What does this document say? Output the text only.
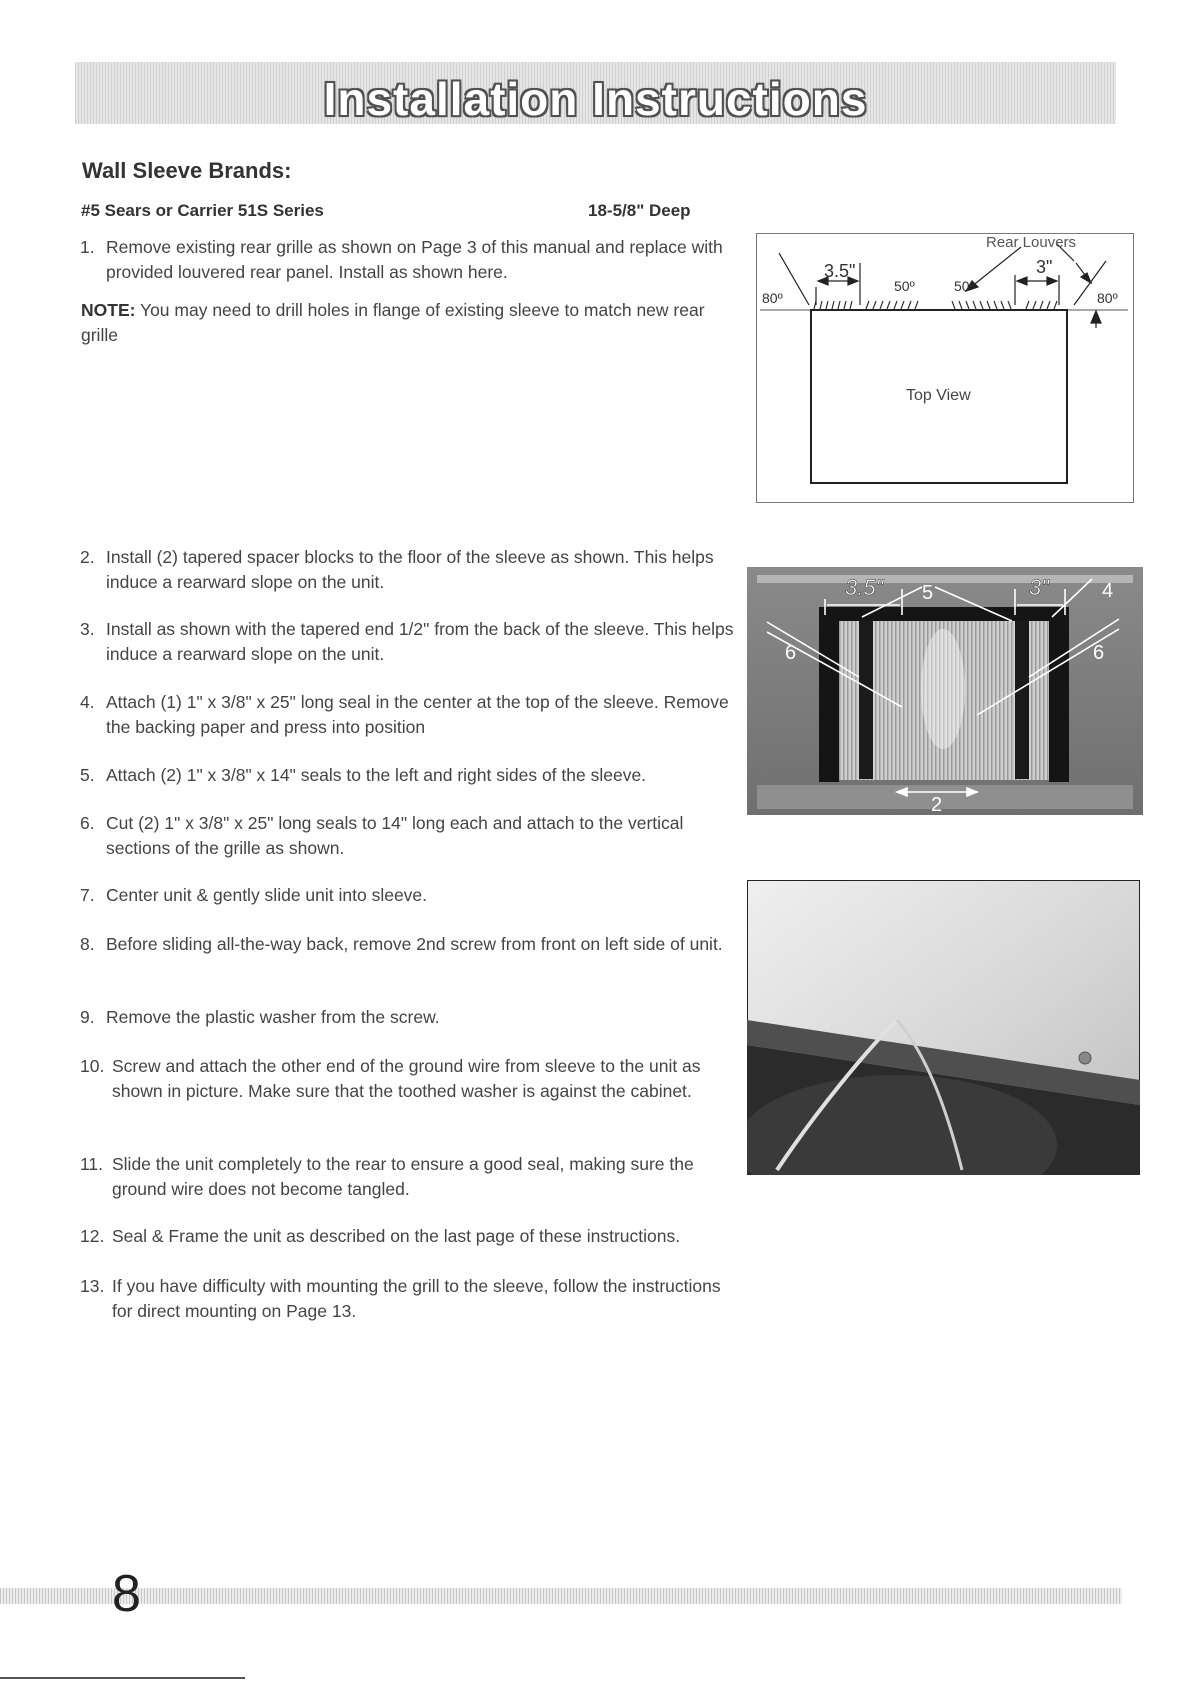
Installation Instructions
Wall Sleeve Brands:
#5 Sears or Carrier 51S Series	18-5/8" Deep
1. Remove existing rear grille as shown on Page 3 of this manual and replace with provided louvered rear panel. Install as shown here.
NOTE: You may need to drill holes in flange of existing sleeve to match new rear grille
2. Install (2) tapered spacer blocks to the floor of the sleeve as shown. This helps induce a rearward slope on the unit.
3. Install as shown with the tapered end 1/2" from the back of the sleeve. This helps induce a rearward slope on the unit.
4. Attach (1) 1" x 3/8" x 25" long seal in the center at the top of the sleeve. Remove the backing paper and press into position
5. Attach (2) 1" x 3/8" x 14" seals to the left and right sides of the sleeve.
6. Cut (2) 1" x 3/8" x 25" long seals to 14" long each and attach to the vertical sections of the grille as shown.
7. Center unit & gently slide unit into sleeve.
8. Before sliding all-the-way back, remove 2nd screw from front on left side of unit.
9. Remove the plastic washer from the screw.
10. Screw and attach the other end of the ground wire from sleeve to the unit as shown in picture. Make sure that the toothed washer is against the cabinet.
11. Slide the unit completely to the rear to ensure a good seal, making sure the ground wire does not become tangled.
12. Seal & Frame the unit as described on the last page of these instructions.
13. If you have difficulty with mounting the grill to the sleeve, follow the instructions for direct mounting on Page 13.
Rear Louvers
3.5"	3"
80º	80º
50º	50º
Top View
3.5"	3"
5	4
6	6
2
8
